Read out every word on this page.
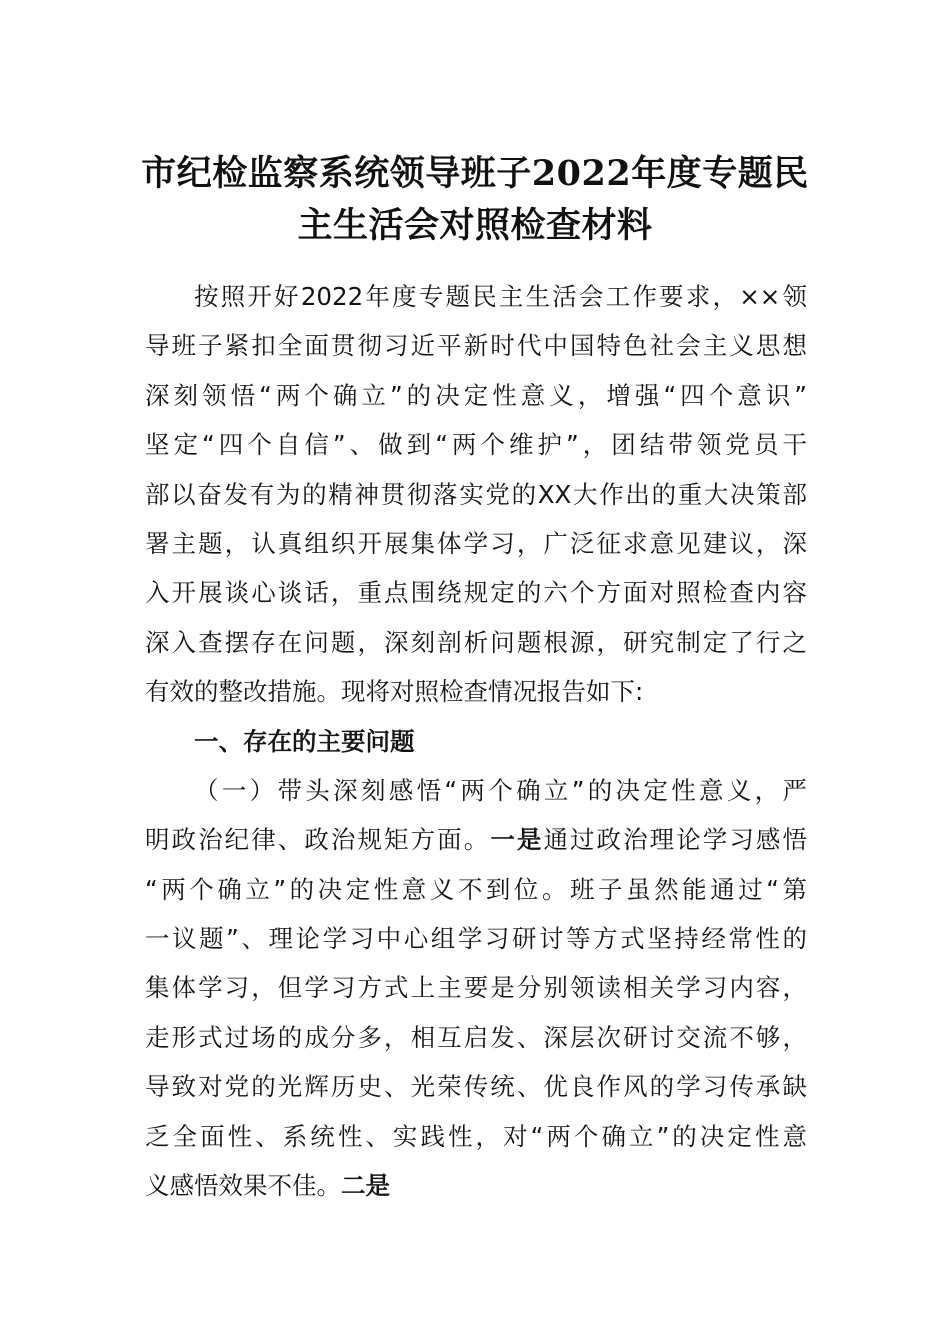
市纪检监察系统领导班子2022年度专题民
主生活会对照检查材料
按照开好2022年度专题民主生活会工作要求，××领
导班子紧扣全面贯彻习近平新时代中国特色社会主义思想
深刻领悟“两个确立”的决定性意义，增强“四个意识”
坚定“四个自信”、做到“两个维护”，团结带领党员干
部以奋发有为的精神贯彻落实党的XX大作出的重大决策部
署主题，认真组织开展集体学习，广泛征求意见建议，深
入开展谈心谈话，重点围绕规定的六个方面对照检查内容
深入查摆存在问题，深刻剖析问题根源，研究制定了行之
有效的整改措施。现将对照检查情况报告如下:
一、存在的主要问题
（一）带头深刻感悟“两个确立”的决定性意义，严
明政治纪律、政治规矩方面。一是通过政治理论学习感悟
“两个确立”的决定性意义不到位。班子虽然能通过“第
一议题”、理论学习中心组学习研讨等方式坚持经常性的
集体学习，但学习方式上主要是分别领读相关学习内容，
走形式过场的成分多，相互启发、深层次研讨交流不够，
导致对党的光辉历史、光荣传统、优良作风的学习传承缺
乏全面性、系统性、实践性，对“两个确立”的决定性意
义感悟效果不佳。二是
